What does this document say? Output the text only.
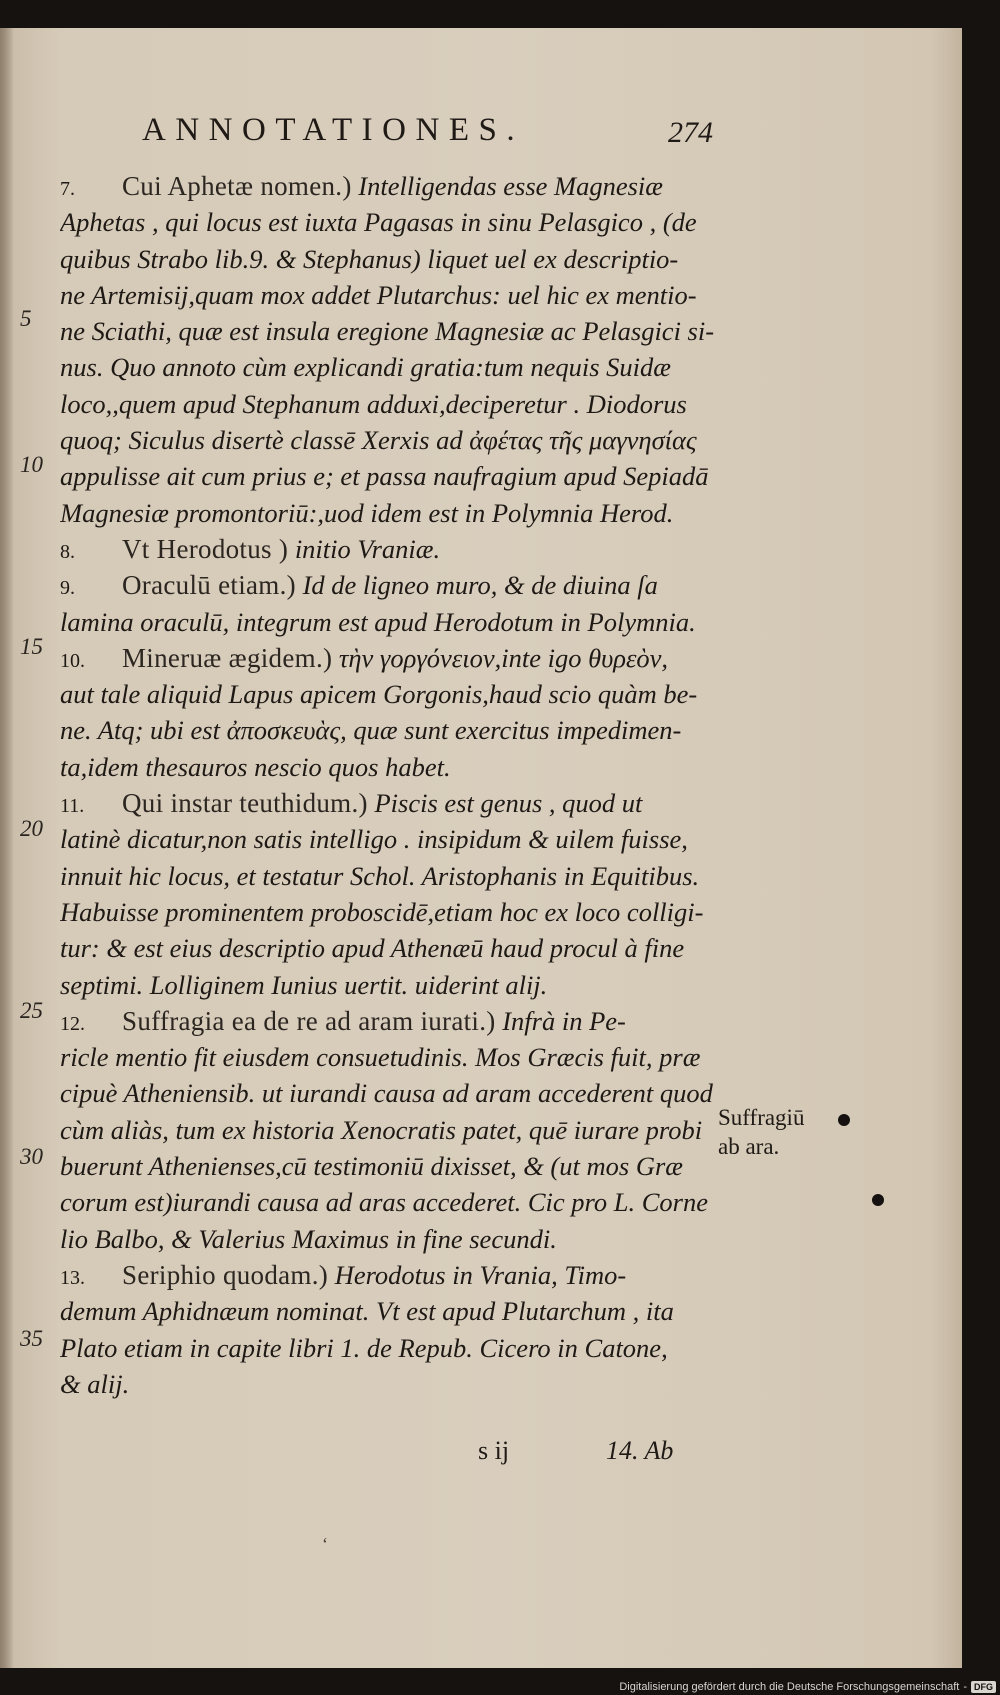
ANNOTATIONES.	274
7. Cui Aphetæ nomen.) Intelligendas esse Magnesiæ
Aphetas , qui locus est iuxta Pagasas in sinu Pelasgico , (de
quibus Strabo lib.9. & Stephanus) liquet uel ex descriptio-
ne Artemisij,quam mox addet Plutarchus: uel hic ex mentio-
ne Sciathi, quæ est insula eregione Magnesiæ ac Pelasgici si-
nus. Quo annoto cùm explicandi gratia:tum nequis Suidæ
loco,,quem apud Stephanum adduxi,deciperetur . Diodorus
quoq; Siculus disertè classē Xerxis ad ἀφέτας τῆς μαγνησίας
appulisse ait cum prius e; et passa naufragium apud Sepiadā
Magnesiæ promontoriū:,uod idem est in Polymnia Herod.
8. Vt Herodotus ) initio Vraniæ.
9. Oraculū etiam.) Id de ligneo muro, & de diuina ſa
lamina oraculū, integrum est apud Herodotum in Polymnia.
10. Mineruæ ægidem.) τὴν γοργόνειον,inte igo θυρεὸν,
aut tale aliquid Lapus apicem Gorgonis,haud scio quàm be-
ne. Atq; ubi est ἀποσκευὰς, quæ sunt exercitus impedimen-
ta,idem thesauros nescio quos habet.
11. Qui instar teuthidum.) Piscis est genus , quod ut
latinè dicatur,non satis intelligo . insipidum & uilem fuisse,
innuit hic locus, et testatur Schol. Aristophanis in Equitibus.
Habuisse prominentem proboscidē,etiam hoc ex loco colligi-
tur: & est eius descriptio apud Athenæū haud procul à fine
septimi. Lolliginem Iunius uertit. uiderint alij.
12. Suffragia ea de re ad aram iurati.) Infrà in Pe-
ricle mentio fit eiusdem consuetudinis. Mos Græcis fuit, præ
cipuè Atheniensib. ut iurandi causa ad aram accederent quod
cùm aliàs, tum ex historia Xenocratis patet, quē iurare probi
buerunt Athenienses,cū testimoniū dixisset, & (ut mos Græ
corum est)iurandi causa ad aras accederet. Cic pro L. Corne
lio Balbo, & Valerius Maximus in fine secundi.
13. Seriphio quodam.) Herodotus in Vrania, Timo-
demum Aphidnæum nominat. Vt est apud Plutarchum , ita
Plato etiam in capite libri 1. de Repub. Cicero in Catone,
& alij.
5
10
15
20
25
30
35
Suffragiū
ab ara.
s ij	14. Ab
‘
Digitalisierung gefördert durch die Deutsche Forschungsgemeinschaft - DFG
